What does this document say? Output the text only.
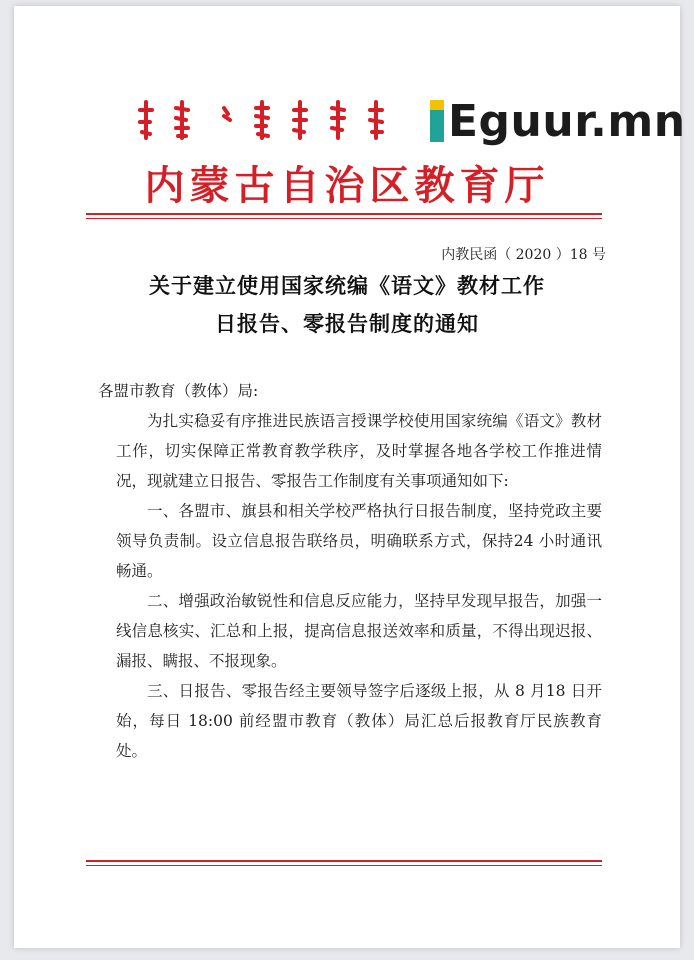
Eguur.mn
内蒙古自治区教育厅
内教民函（ 2020 ）18 号
关于建立使用国家统编《语文》教材工作
日报告、零报告制度的通知

各盟市教育（教体）局:

为扎实稳妥有序推进民族语言授课学校使用国家统编《语文》教材工作，切实保障正常教育教学秩序，及时掌握各地各学校工作推进情况，现就建立日报告、零报告工作制度有关事项通知如下:

一、各盟市、旗县和相关学校严格执行日报告制度，坚持党政主要领导负责制。设立信息报告联络员，明确联系方式，保持24 小时通讯畅通。

二、增强政治敏锐性和信息反应能力，坚持早发现早报告，加强一线信息核实、汇总和上报，提高信息报送效率和质量，不得出现迟报、漏报、瞒报、不报现象。

三、日报告、零报告经主要领导签字后逐级上报，从 8 月18 日开始，每日 18:00 前经盟市教育（教体）局汇总后报教育厅民族教育处。
